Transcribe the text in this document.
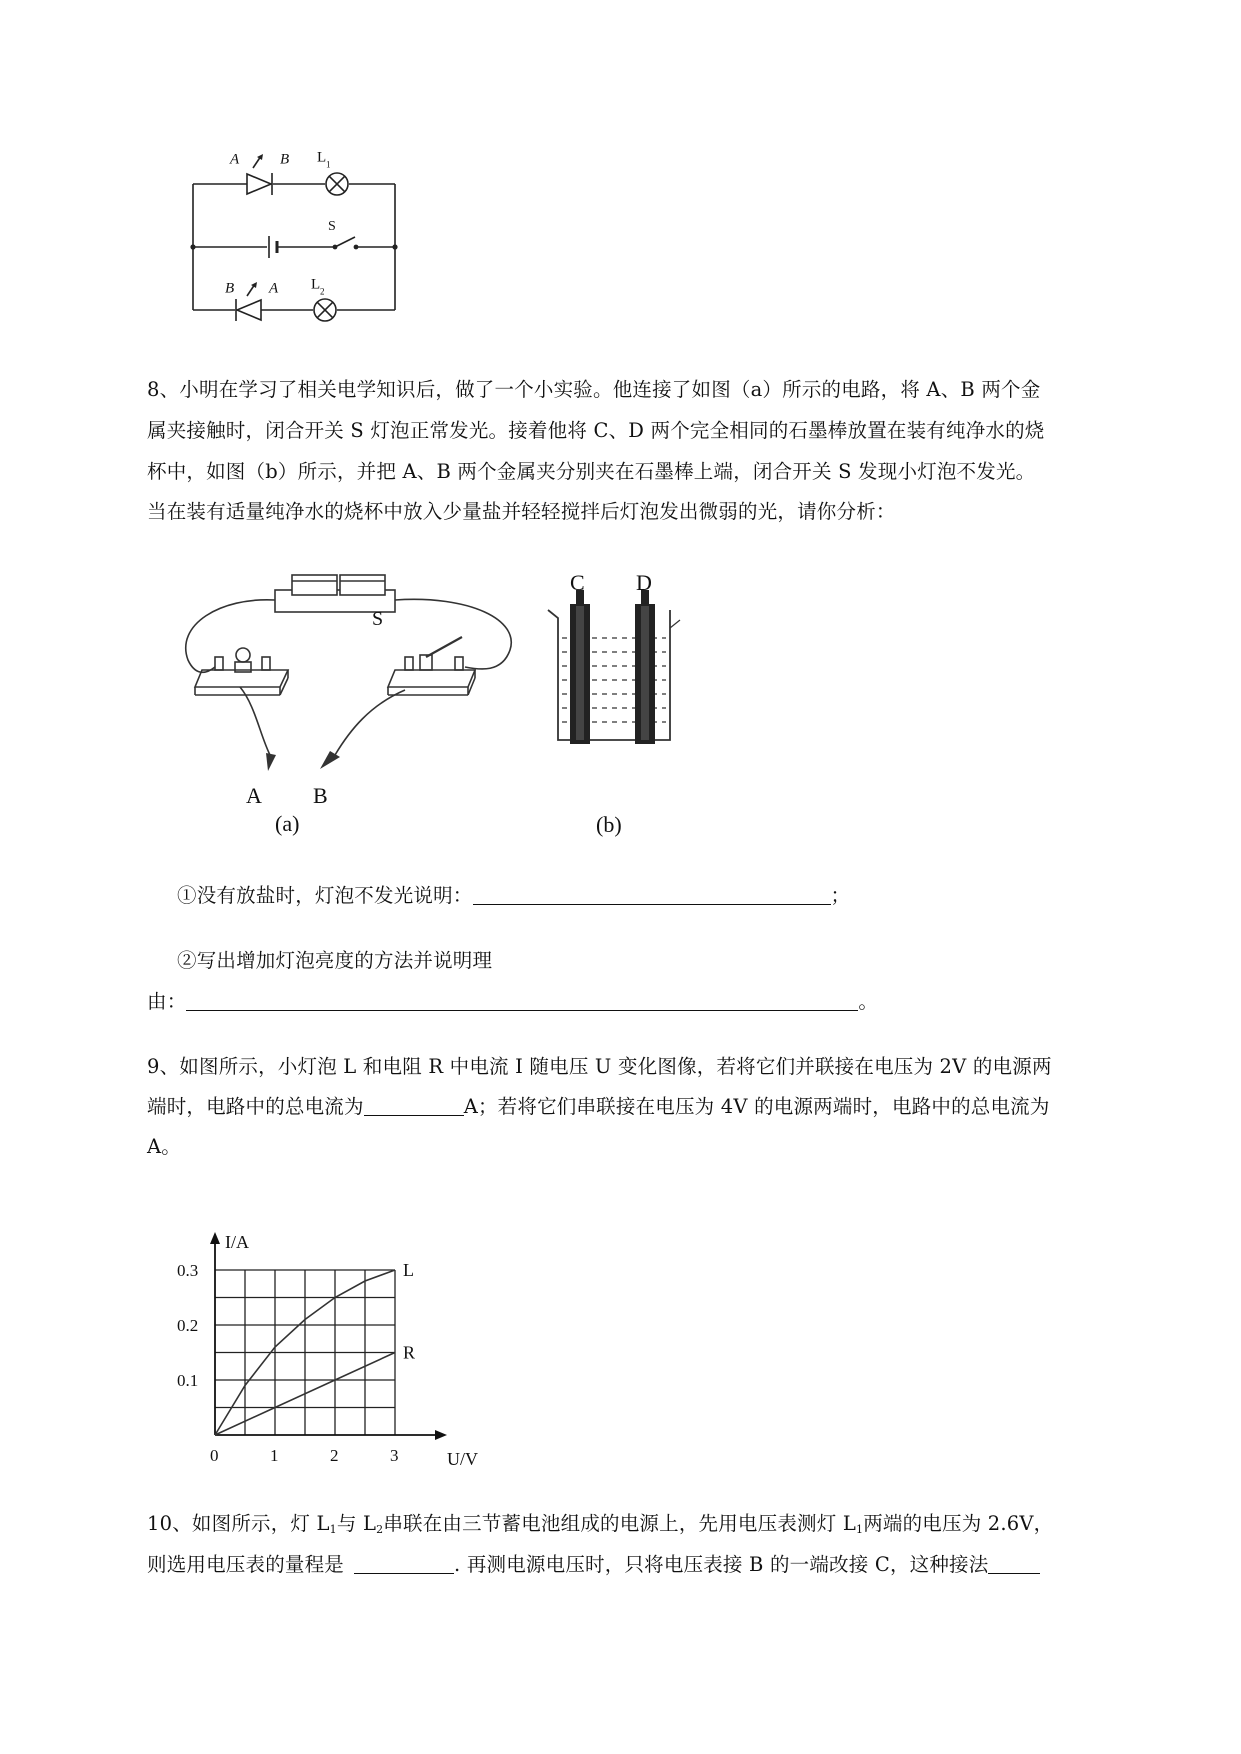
A	B L 1
S
B A L 2
8、小明在学习了相关电学知识后，做了一个小实验。他连接了如图（a）所示的电路，将 A、B 两个金
属夹接触时，闭合开关 S 灯泡正常发光。接着他将 C、D 两个完全相同的石墨棒放置在装有纯净水的烧
杯中，如图（b）所示，并把 A、B 两个金属夹分别夹在石墨棒上端，闭合开关 S 发现小灯泡不发光。
当在装有适量纯净水的烧杯中放入少量盐并轻轻搅拌后灯泡发出微弱的光，请你分析：
S
A B
(a)
C D
(b)
①没有放盐时，灯泡不发光说明：	；
②写出增加灯泡亮度的方法并说明理
由：	。
9、如图所示，小灯泡 L 和电阻 R 中电流 I 随电压 U 变化图像，若将它们并联接在电压为 2V 的电源两
端时，电路中的总电流为	A；若将它们串联接在电压为 4V 的电源两端时，电路中的总电流为
A。
I/A
U/V
0	1	2	3
0.1
0.2
0.3	L
R
10、如图所示，灯 $L_1$与 $L_2$串联在由三节蓄电池组成的电源上，先用电压表测灯 $L_1$两端的电压为 2.6V，
则选用电压表的量程是	. 再测电源电压时，只将电压表接 B 的一端改接 C，这种接法
